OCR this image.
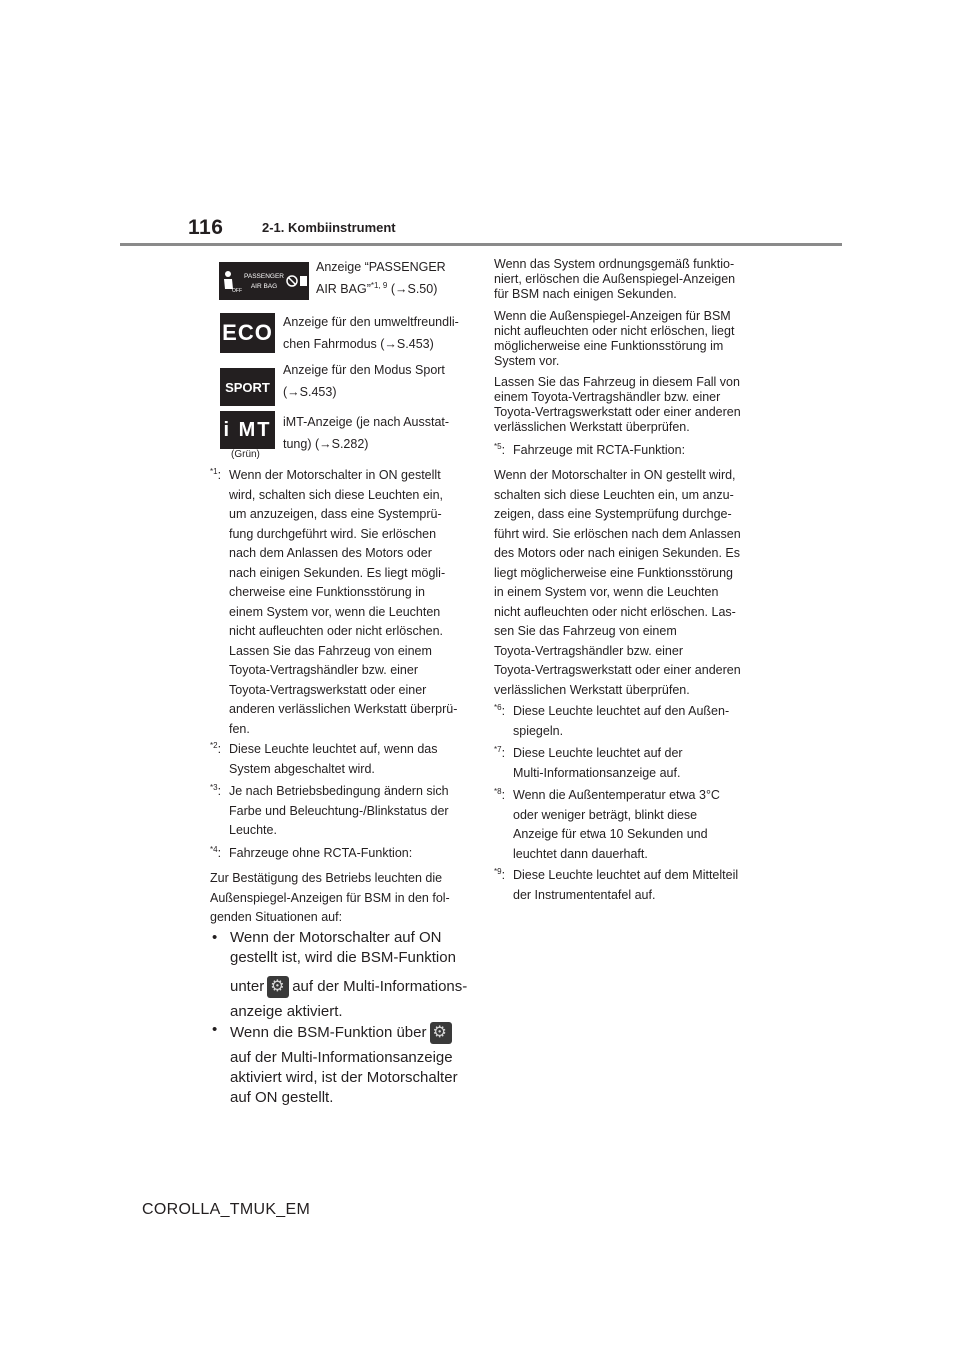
116	2-1. Kombiinstrument
OFF
PASSENGER
AIR BAG
Anzeige “PASSENGER
AIR BAG”$^{*1, 9}$ (→S.50)
ECO Anzeige für den umweltfreundli-
chen Fahrmodus (→S.453)
SPORT
Anzeige für den Modus Sport
(→S.453)
i MT
(Grün)
iMT-Anzeige (je nach Ausstat-
tung) (→S.282)
$^{*1}$: Wenn der Motorschalter in ON gestellt
wird, schalten sich diese Leuchten ein,
um anzuzeigen, dass eine Systemprü-
fung durchgeführt wird. Sie erlöschen
nach dem Anlassen des Motors oder
nach einigen Sekunden. Es liegt mögli-
cherweise eine Funktionsstörung in
einem System vor, wenn die Leuchten
nicht aufleuchten oder nicht erlöschen.
Lassen Sie das Fahrzeug von einem
Toyota-Vertragshändler bzw. einer
Toyota-Vertragswerkstatt oder einer
anderen verlässlichen Werkstatt überprü-
fen.
$^{*2}$: Diese Leuchte leuchtet auf, wenn das
System abgeschaltet wird.
$^{*3}$: Je nach Betriebsbedingung ändern sich
Farbe und Beleuchtung-/Blinkstatus der
Leuchte.
$^{*4}$: Fahrzeuge ohne RCTA-Funktion:
Zur Bestätigung des Betriebs leuchten die
Außenspiegel-Anzeigen für BSM in den fol-
genden Situationen auf:
• Wenn der Motorschalter auf ON
gestellt ist, wird die BSM-Funktion
unter⚙ auf der Multi-Informations-
anzeige aktiviert.
• Wenn die BSM-Funktion über⚙
auf der Multi-Informationsanzeige
aktiviert wird, ist der Motorschalter
auf ON gestellt.
Wenn das System ordnungsgemäß funktio-
niert, erlöschen die Außenspiegel-Anzeigen
für BSM nach einigen Sekunden.
Wenn die Außenspiegel-Anzeigen für BSM
nicht aufleuchten oder nicht erlöschen, liegt
möglicherweise eine Funktionsstörung im
System vor.
Lassen Sie das Fahrzeug in diesem Fall von
einem Toyota-Vertragshändler bzw. einer
Toyota-Vertragswerkstatt oder einer anderen
verlässlichen Werkstatt überprüfen.
$^{*5}$: Fahrzeuge mit RCTA-Funktion:
Wenn der Motorschalter in ON gestellt wird,
schalten sich diese Leuchten ein, um anzu-
zeigen, dass eine Systemprüfung durchge-
führt wird. Sie erlöschen nach dem Anlassen
des Motors oder nach einigen Sekunden. Es
liegt möglicherweise eine Funktionsstörung
in einem System vor, wenn die Leuchten
nicht aufleuchten oder nicht erlöschen. Las-
sen Sie das Fahrzeug von einem
Toyota-Vertragshändler bzw. einer
Toyota-Vertragswerkstatt oder einer anderen
verlässlichen Werkstatt überprüfen.
$^{*6}$: Diese Leuchte leuchtet auf den Außen-
spiegeln.
$^{*7}$: Diese Leuchte leuchtet auf der
Multi-Informationsanzeige auf.
$^{*8}$: Wenn die Außentemperatur etwa 3°C
oder weniger beträgt, blinkt diese
Anzeige für etwa 10 Sekunden und
leuchtet dann dauerhaft.
$^{*9}$: Diese Leuchte leuchtet auf dem Mittelteil
der Instrumententafel auf.
COROLLA_TMUK_EM
